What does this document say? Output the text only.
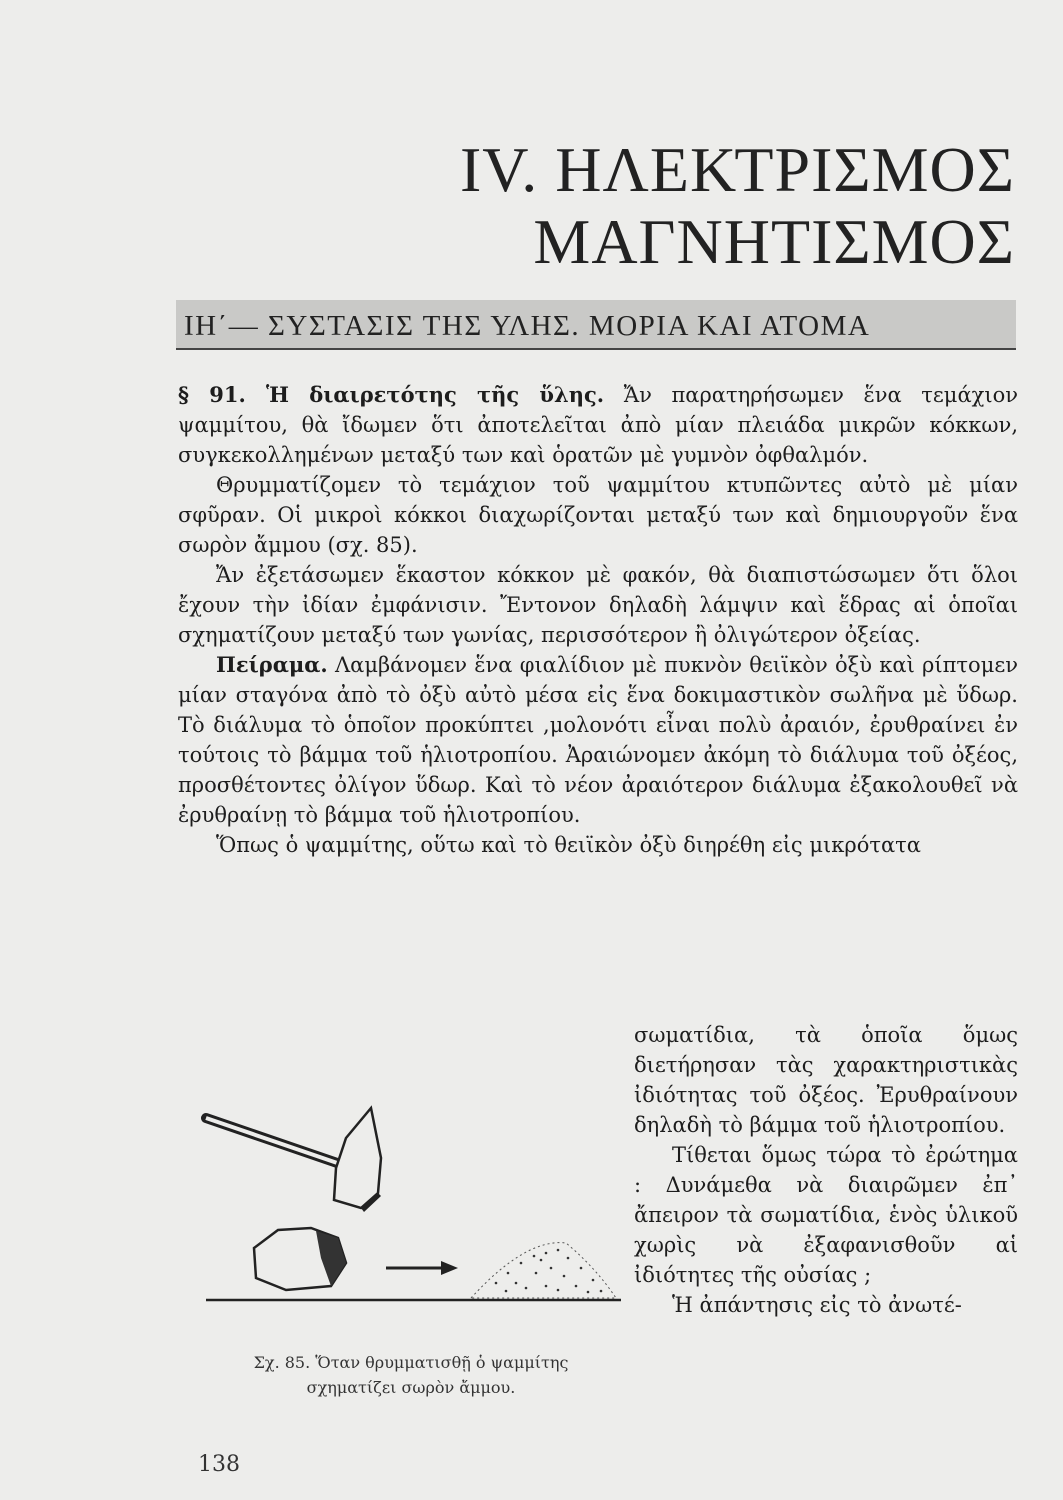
IV. ΗΛΕΚΤΡΙΣΜΟΣ
ΜΑΓΝΗΤΙΣΜΟΣ
ΙΗ΄— ΣΥΣΤΑΣΙΣ ΤΗΣ ΥΛΗΣ. ΜΟΡΙΑ ΚΑΙ ΑΤΟΜΑ

§ 91. Ἡ διαιρετότης τῆς ὕλης. Ἄν παρατηρήσωμεν ἕνα τεμάχιον ψαμμίτου, θὰ ἴδωμεν ὅτι ἀποτελεῖται ἀπὸ μίαν πλειάδα μικρῶν κόκκων, συγκεκολλημένων μεταξύ των καὶ ὁρατῶν μὲ γυμνὸν ὀφθαλμόν.

Θρυμματίζομεν τὸ τεμάχιον τοῦ ψαμμίτου κτυπῶντες αὐτὸ μὲ μίαν σφῦραν. Οἱ μικροὶ κόκκοι διαχωρίζονται μεταξύ των καὶ δημιουργοῦν ἕνα σωρὸν ἄμμου (σχ. 85).

Ἄν ἐξετάσωμεν ἕκαστον κόκκον μὲ φακόν, θὰ διαπιστώσωμεν ὅτι ὅλοι ἔχουν τὴν ἰδίαν ἐμφάνισιν. Ἔντονον δηλαδὴ λάμψιν καὶ ἕδρας αἱ ὁποῖαι σχηματίζουν μεταξύ των γωνίας, περισσότερον ἢ ὀλιγώτερον ὀξείας.

Πείραμα. Λαμβάνομεν ἕνα φιαλίδιον μὲ πυκνὸν θειϊκὸν ὀξὺ καὶ ρίπτομεν μίαν σταγόνα ἀπὸ τὸ ὀξὺ αὐτὸ μέσα εἰς ἕνα δοκιμαστικὸν σωλῆνα μὲ ὕδωρ. Τὸ διάλυμα τὸ ὁποῖον προκύπτει ,μολονότι εἶναι πολὺ ἀραιόν, ἐρυθραίνει ἐν τούτοις τὸ βάμμα τοῦ ἡλιοτροπίου. Ἀραιώνομεν ἀκόμη τὸ διάλυμα τοῦ ὀξέος, προσθέτοντες ὀλίγον ὕδωρ. Καὶ τὸ νέον ἀραιότερον διάλυμα ἐξακολουθεῖ νὰ ἐρυθραίνῃ τὸ βάμμα τοῦ ἡλιοτροπίου.

Ὅπως ὁ ψαμμίτης, οὕτω καὶ τὸ θειϊκὸν ὀξὺ διηρέθη εἰς μικρότατα

σωματίδια, τὰ ὁποῖα ὅμως διετήρησαν τὰς χαρακτηριστικὰς ἰδιότητας τοῦ ὀξέος. Ἐρυθραίνουν δηλαδὴ τὸ βάμμα τοῦ ἡλιοτροπίου.

Τίθεται ὅμως τώρα τὸ ἐρώτημα : Δυνάμεθα νὰ διαιρῶμεν ἐπ᾽ ἄπειρον τὰ σωματίδια, ἑνὸς ὑλικοῦ χωρὶς νὰ ἐξαφανισθοῦν αἱ ἰδιότητες τῆς οὐσίας ;

Ἡ ἀπάντησις εἰς τὸ ἀνωτέ-

Σχ. 85. Ὅταν θρυμματισθῇ ὁ ψαμμίτης
σχηματίζει σωρὸν ἄμμου.
138
